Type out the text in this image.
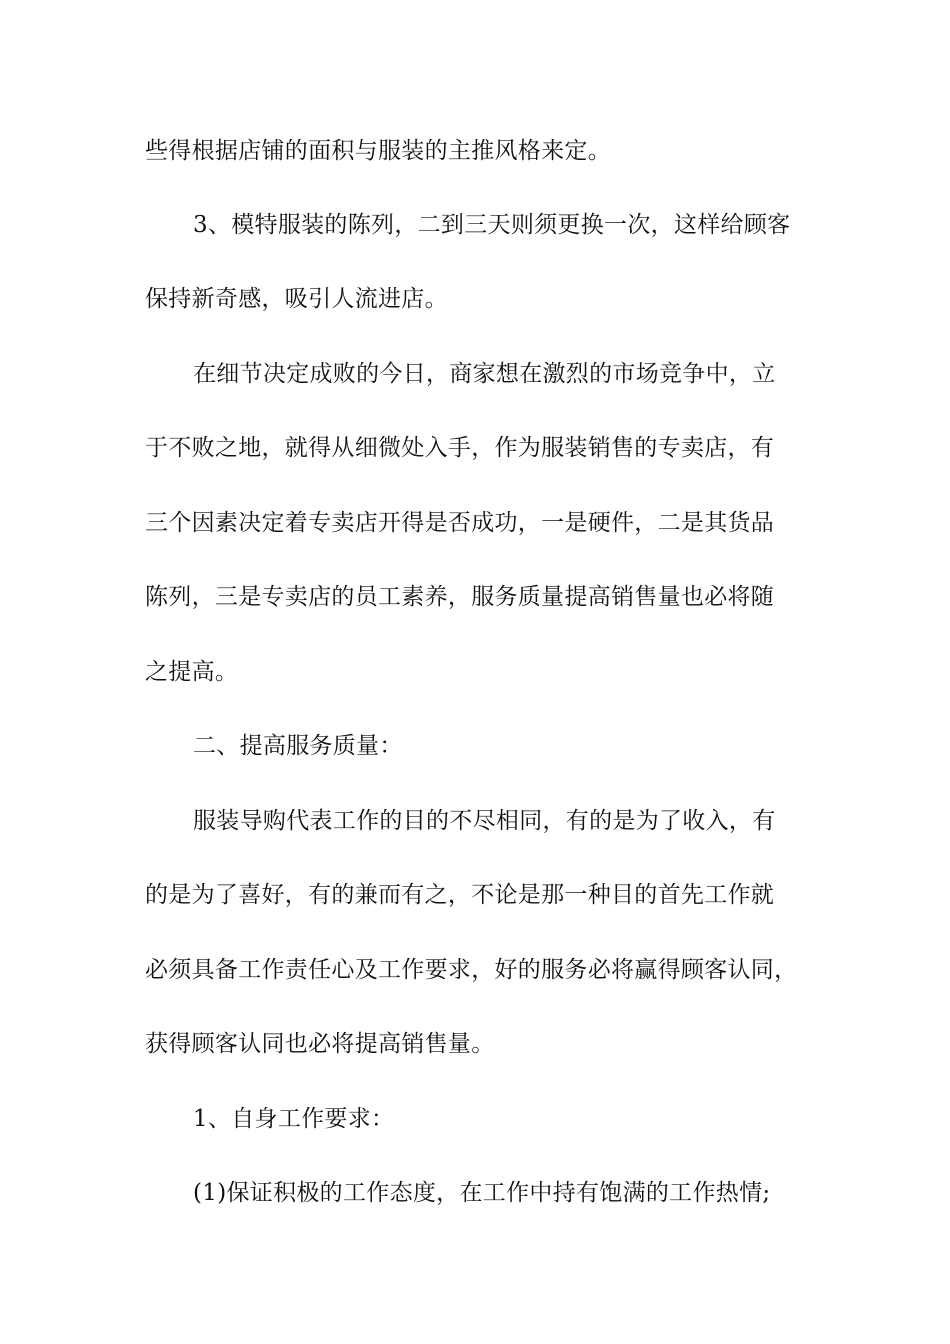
些得根据店铺的面积与服装的主推风格来定。
3、模特服装的陈列，二到三天则须更换一次，这样给顾客
保持新奇感，吸引人流进店。
在细节决定成败的今日，商家想在激烈的市场竞争中，立
于不败之地，就得从细微处入手，作为服装销售的专卖店，有
三个因素决定着专卖店开得是否成功，一是硬件，二是其货品
陈列，三是专卖店的员工素养，服务质量提高销售量也必将随
之提高。
二、提高服务质量：
服装导购代表工作的目的不尽相同，有的是为了收入，有
的是为了喜好，有的兼而有之，不论是那一种目的首先工作就
必须具备工作责任心及工作要求，好的服务必将赢得顾客认同，
获得顾客认同也必将提高销售量。
1、自身工作要求：
(1)保证积极的工作态度，在工作中持有饱满的工作热情;
